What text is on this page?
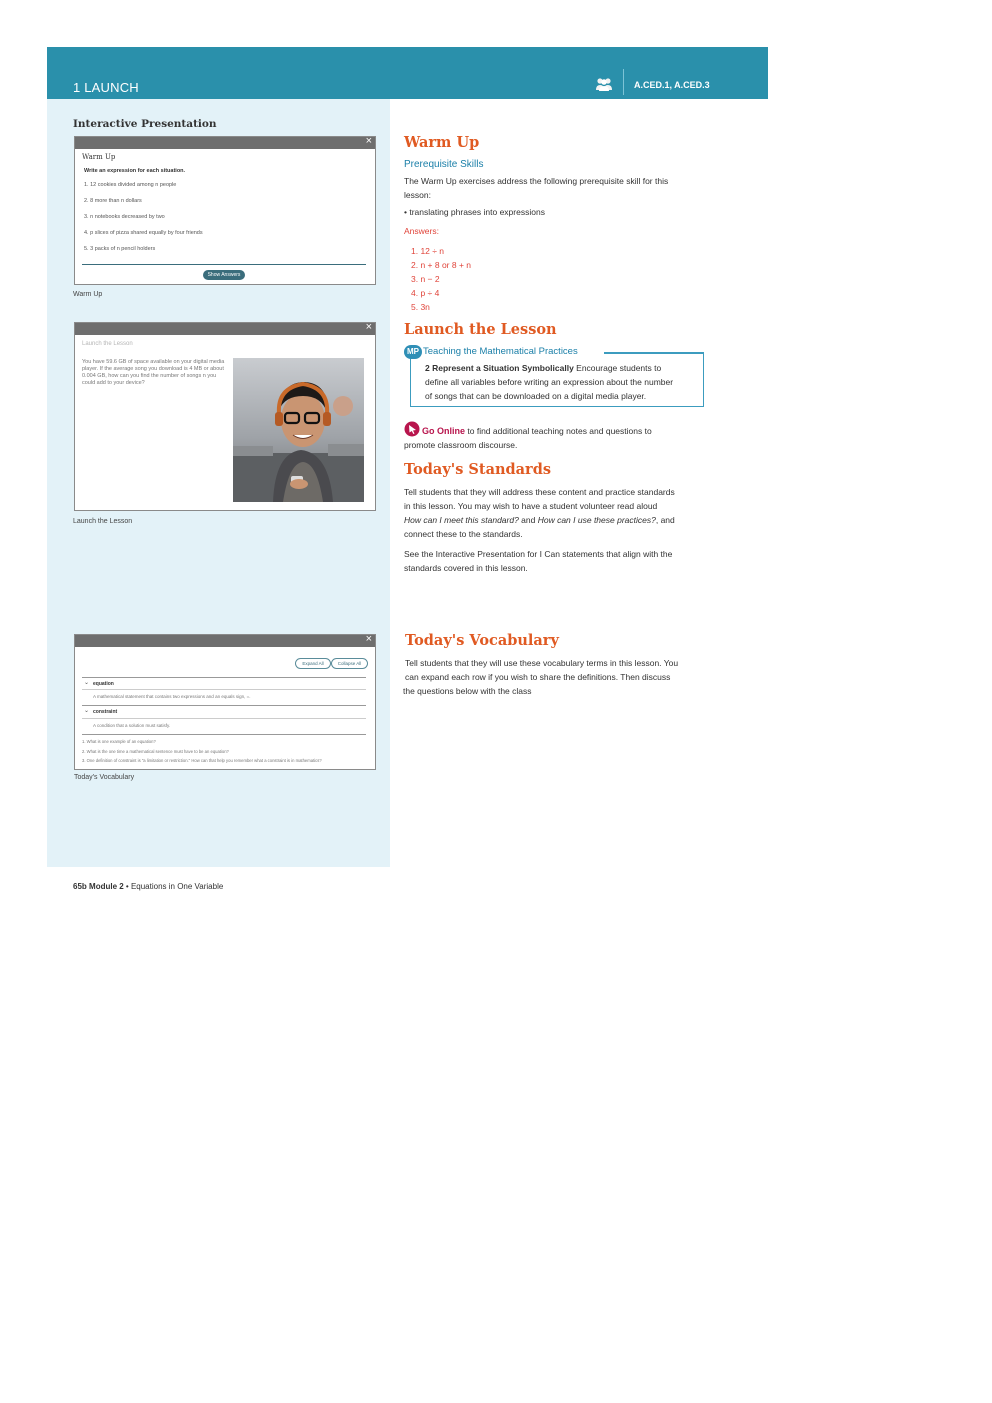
1 LAUNCH	A.CED.1, A.CED.3
Interactive Presentation
×
Warm Up
Write an expression for each situation.
1. 12 cookies divided among n people
2. 8 more than n dollars
3. n notebooks decreased by two
4. p slices of pizza shared equally by four friends
5. 3 packs of n pencil holders
Show Answers
Warm Up
×
Launch the Lesson
You have 59.6 GB of space available on your digital media
player. If the average song you download is 4 MB or about
0.004 GB, how can you find the number of songs n you
could add to your device?
Launch the Lesson
×
Expand All	Collapse All
⌄ equation
A mathematical statement that contains two expressions and an equals sign, =.
⌄ constraint
A condition that a solution must satisfy.
1. What is one example of an equation?
2. What is the one time a mathematical sentence must have to be an equation?
3. One definition of constraint is "a limitation or restriction." How can that help you remember what a constraint is in mathematics?
Today's Vocabulary
Warm Up
Prerequisite Skills
The Warm Up exercises address the following prerequisite skill for this
lesson:
• translating phrases into expressions
Answers:
1. 12 ÷ n
2. n + 8 or 8 + n
3. n − 2
4. p ÷ 4
5. 3n
Launch the Lesson
MP Teaching the Mathematical Practices
2 Represent a Situation Symbolically Encourage students to
define all variables before writing an expression about the number
of songs that can be downloaded on a digital media player.
Go Online to find additional teaching notes and questions to
promote classroom discourse.
Today's Standards
Tell students that they will address these content and practice standards
in this lesson. You may wish to have a student volunteer read aloud
How can I meet this standard? and How can I use these practices?, and
connect these to the standards.
See the Interactive Presentation for I Can statements that align with the
standards covered in this lesson.
Today's Vocabulary
Tell students that they will use these vocabulary terms in this lesson. You
can expand each row if you wish to share the definitions. Then discuss
the questions below with the class
65b Module 2 • Equations in One Variable
